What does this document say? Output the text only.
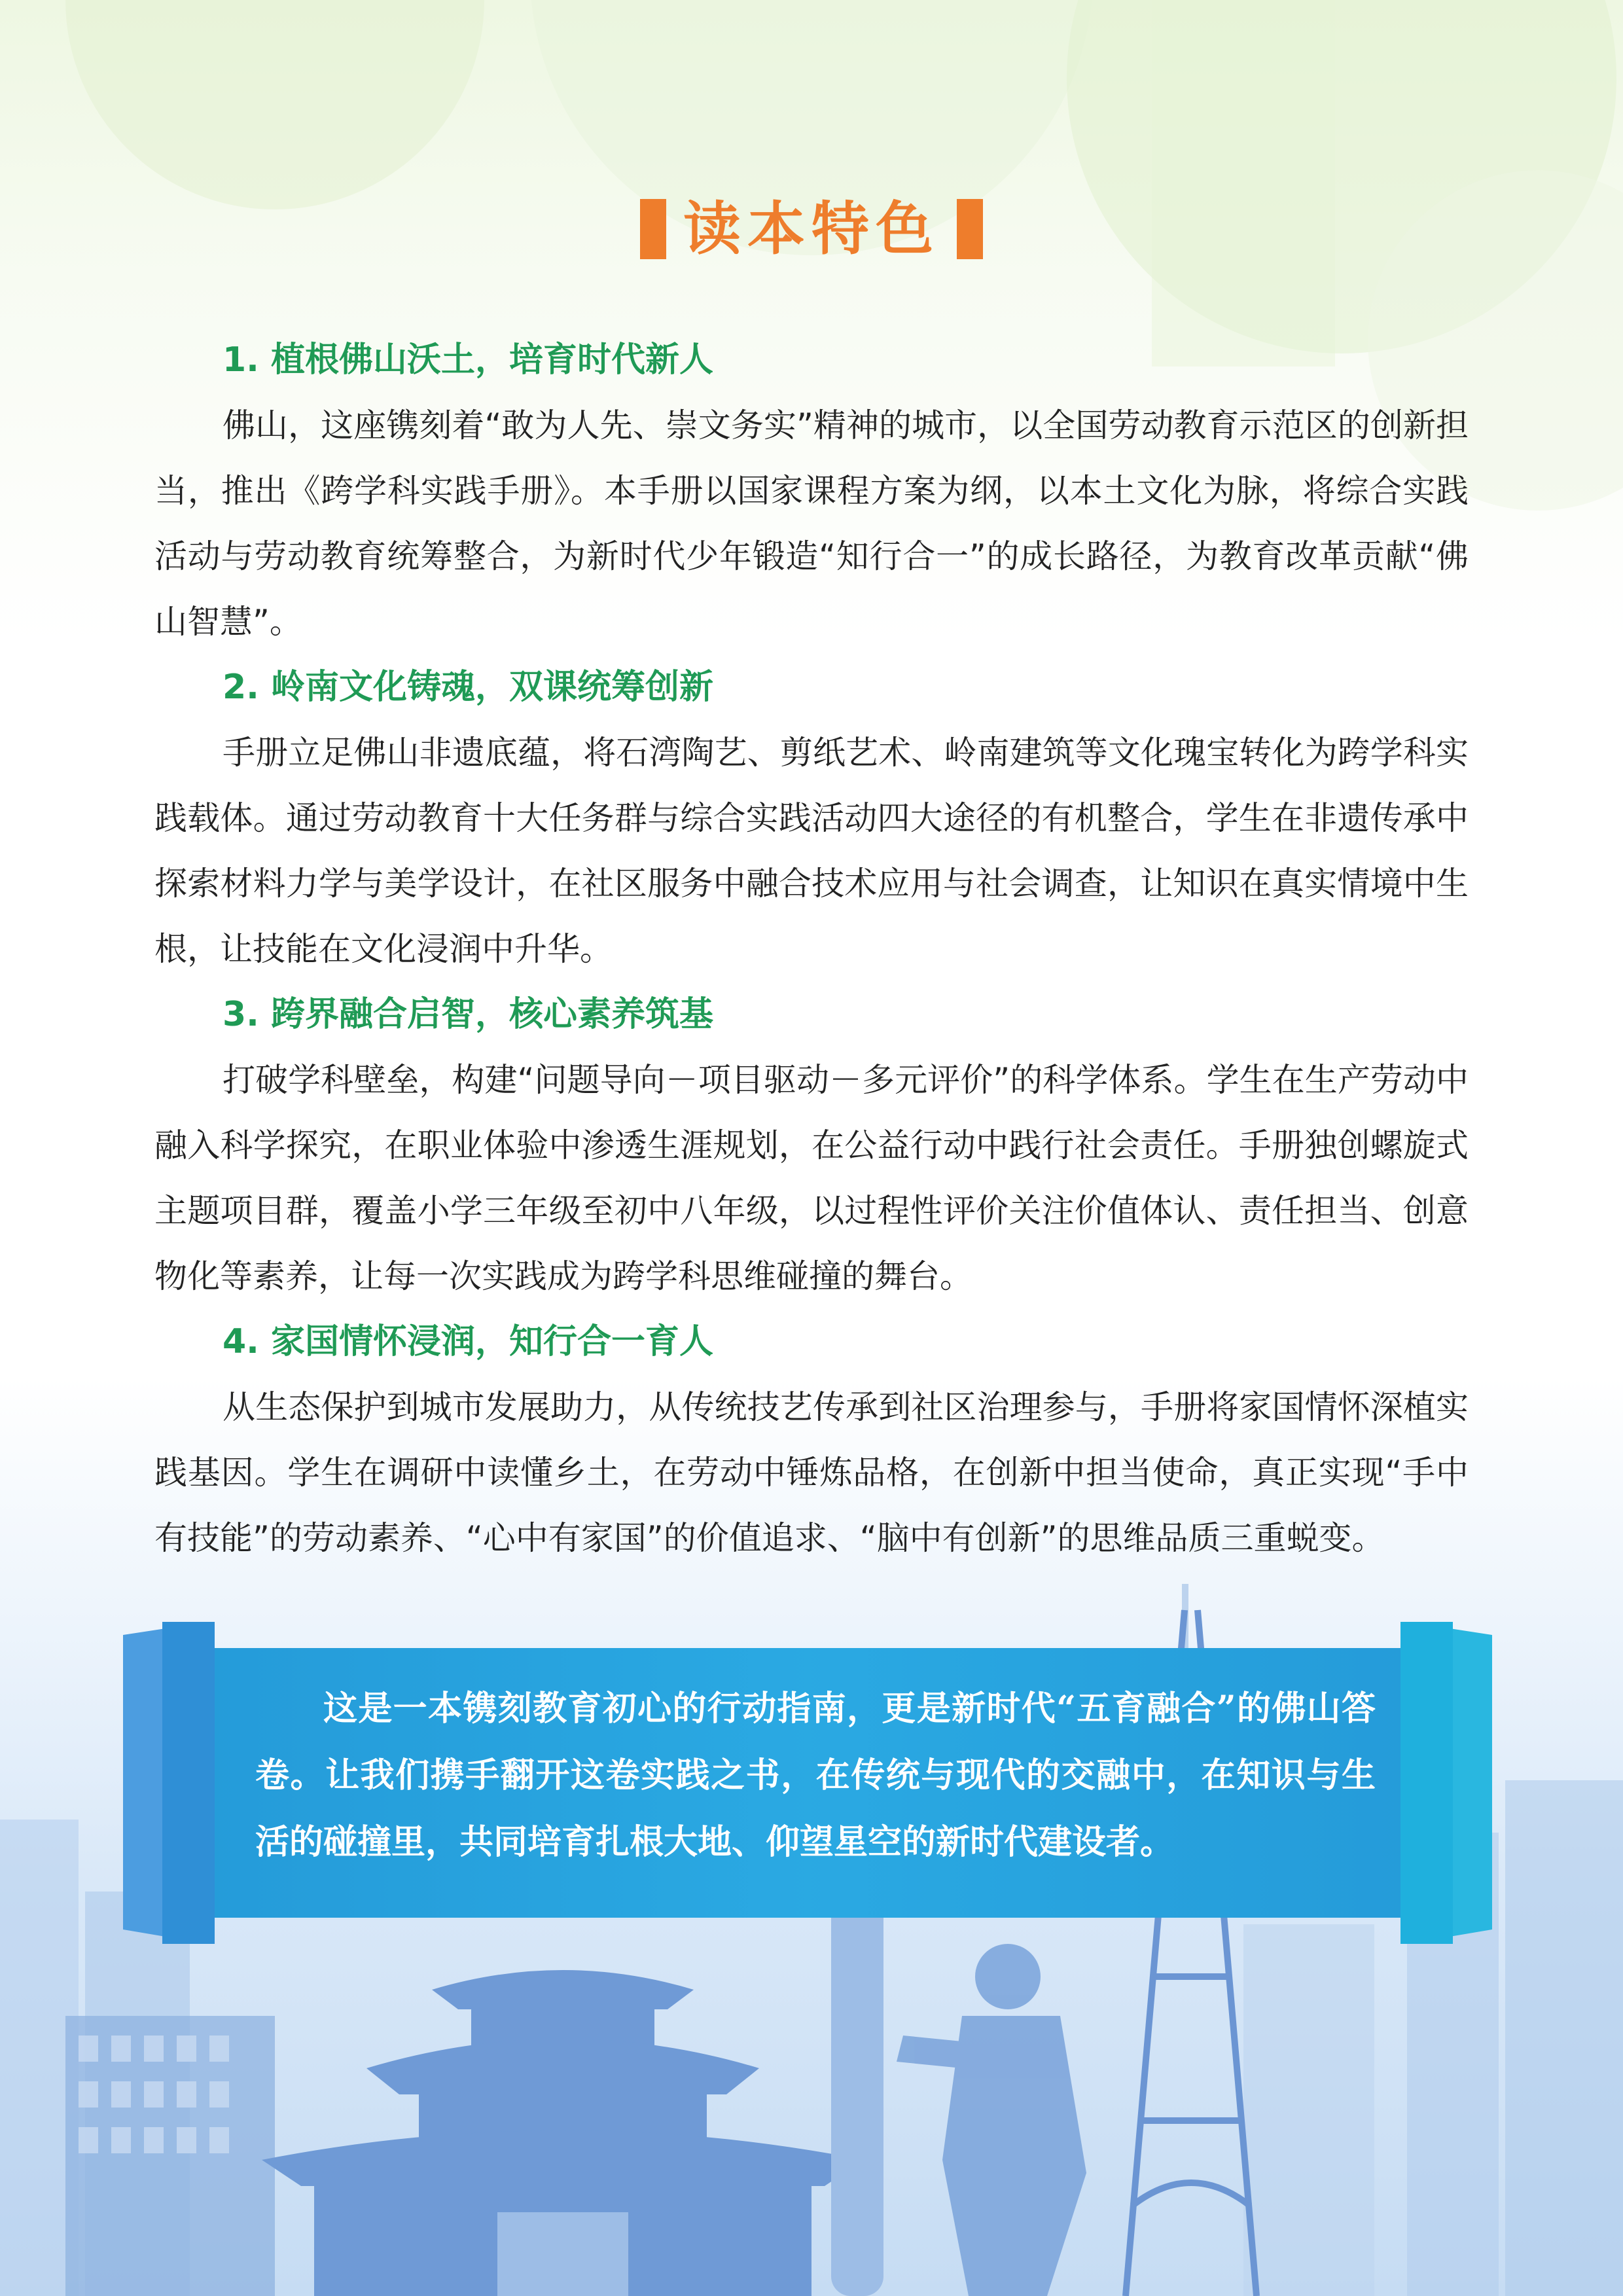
读本特色
1. 植根佛山沃土，培育时代新人

佛山，这座镌刻着“敢为人先、崇文务实”精神的城市，以全国劳动教育示范区的创新担当，推出《跨学科实践手册》。本手册以国家课程方案为纲，以本土文化为脉，将综合实践活动与劳动教育统筹整合，为新时代少年锻造“知行合一”的成长路径，为教育改革贡献“佛山智慧”。

2. 岭南文化铸魂，双课统筹创新

手册立足佛山非遗底蕴，将石湾陶艺、剪纸艺术、岭南建筑等文化瑰宝转化为跨学科实践载体。通过劳动教育十大任务群与综合实践活动四大途径的有机整合，学生在非遗传承中探索材料力学与美学设计，在社区服务中融合技术应用与社会调查，让知识在真实情境中生根，让技能在文化浸润中升华。

3. 跨界融合启智，核心素养筑基

打破学科壁垒，构建“问题导向－项目驱动－多元评价”的科学体系。学生在生产劳动中融入科学探究，在职业体验中渗透生涯规划，在公益行动中践行社会责任。手册独创螺旋式主题项目群，覆盖小学三年级至初中八年级，以过程性评价关注价值体认、责任担当、创意物化等素养，让每一次实践成为跨学科思维碰撞的舞台。

4. 家国情怀浸润，知行合一育人

从生态保护到城市发展助力，从传统技艺传承到社区治理参与，手册将家国情怀深植实践基因。学生在调研中读懂乡土，在劳动中锤炼品格，在创新中担当使命，真正实现“手中有技能”的劳动素养、“心中有家国”的价值追求、“脑中有创新”的思维品质三重蜕变。

这是一本镌刻教育初心的行动指南，更是新时代“五育融合”的佛山答卷。让我们携手翻开这卷实践之书，在传统与现代的交融中，在知识与生活的碰撞里，共同培育扎根大地、仰望星空的新时代建设者。
